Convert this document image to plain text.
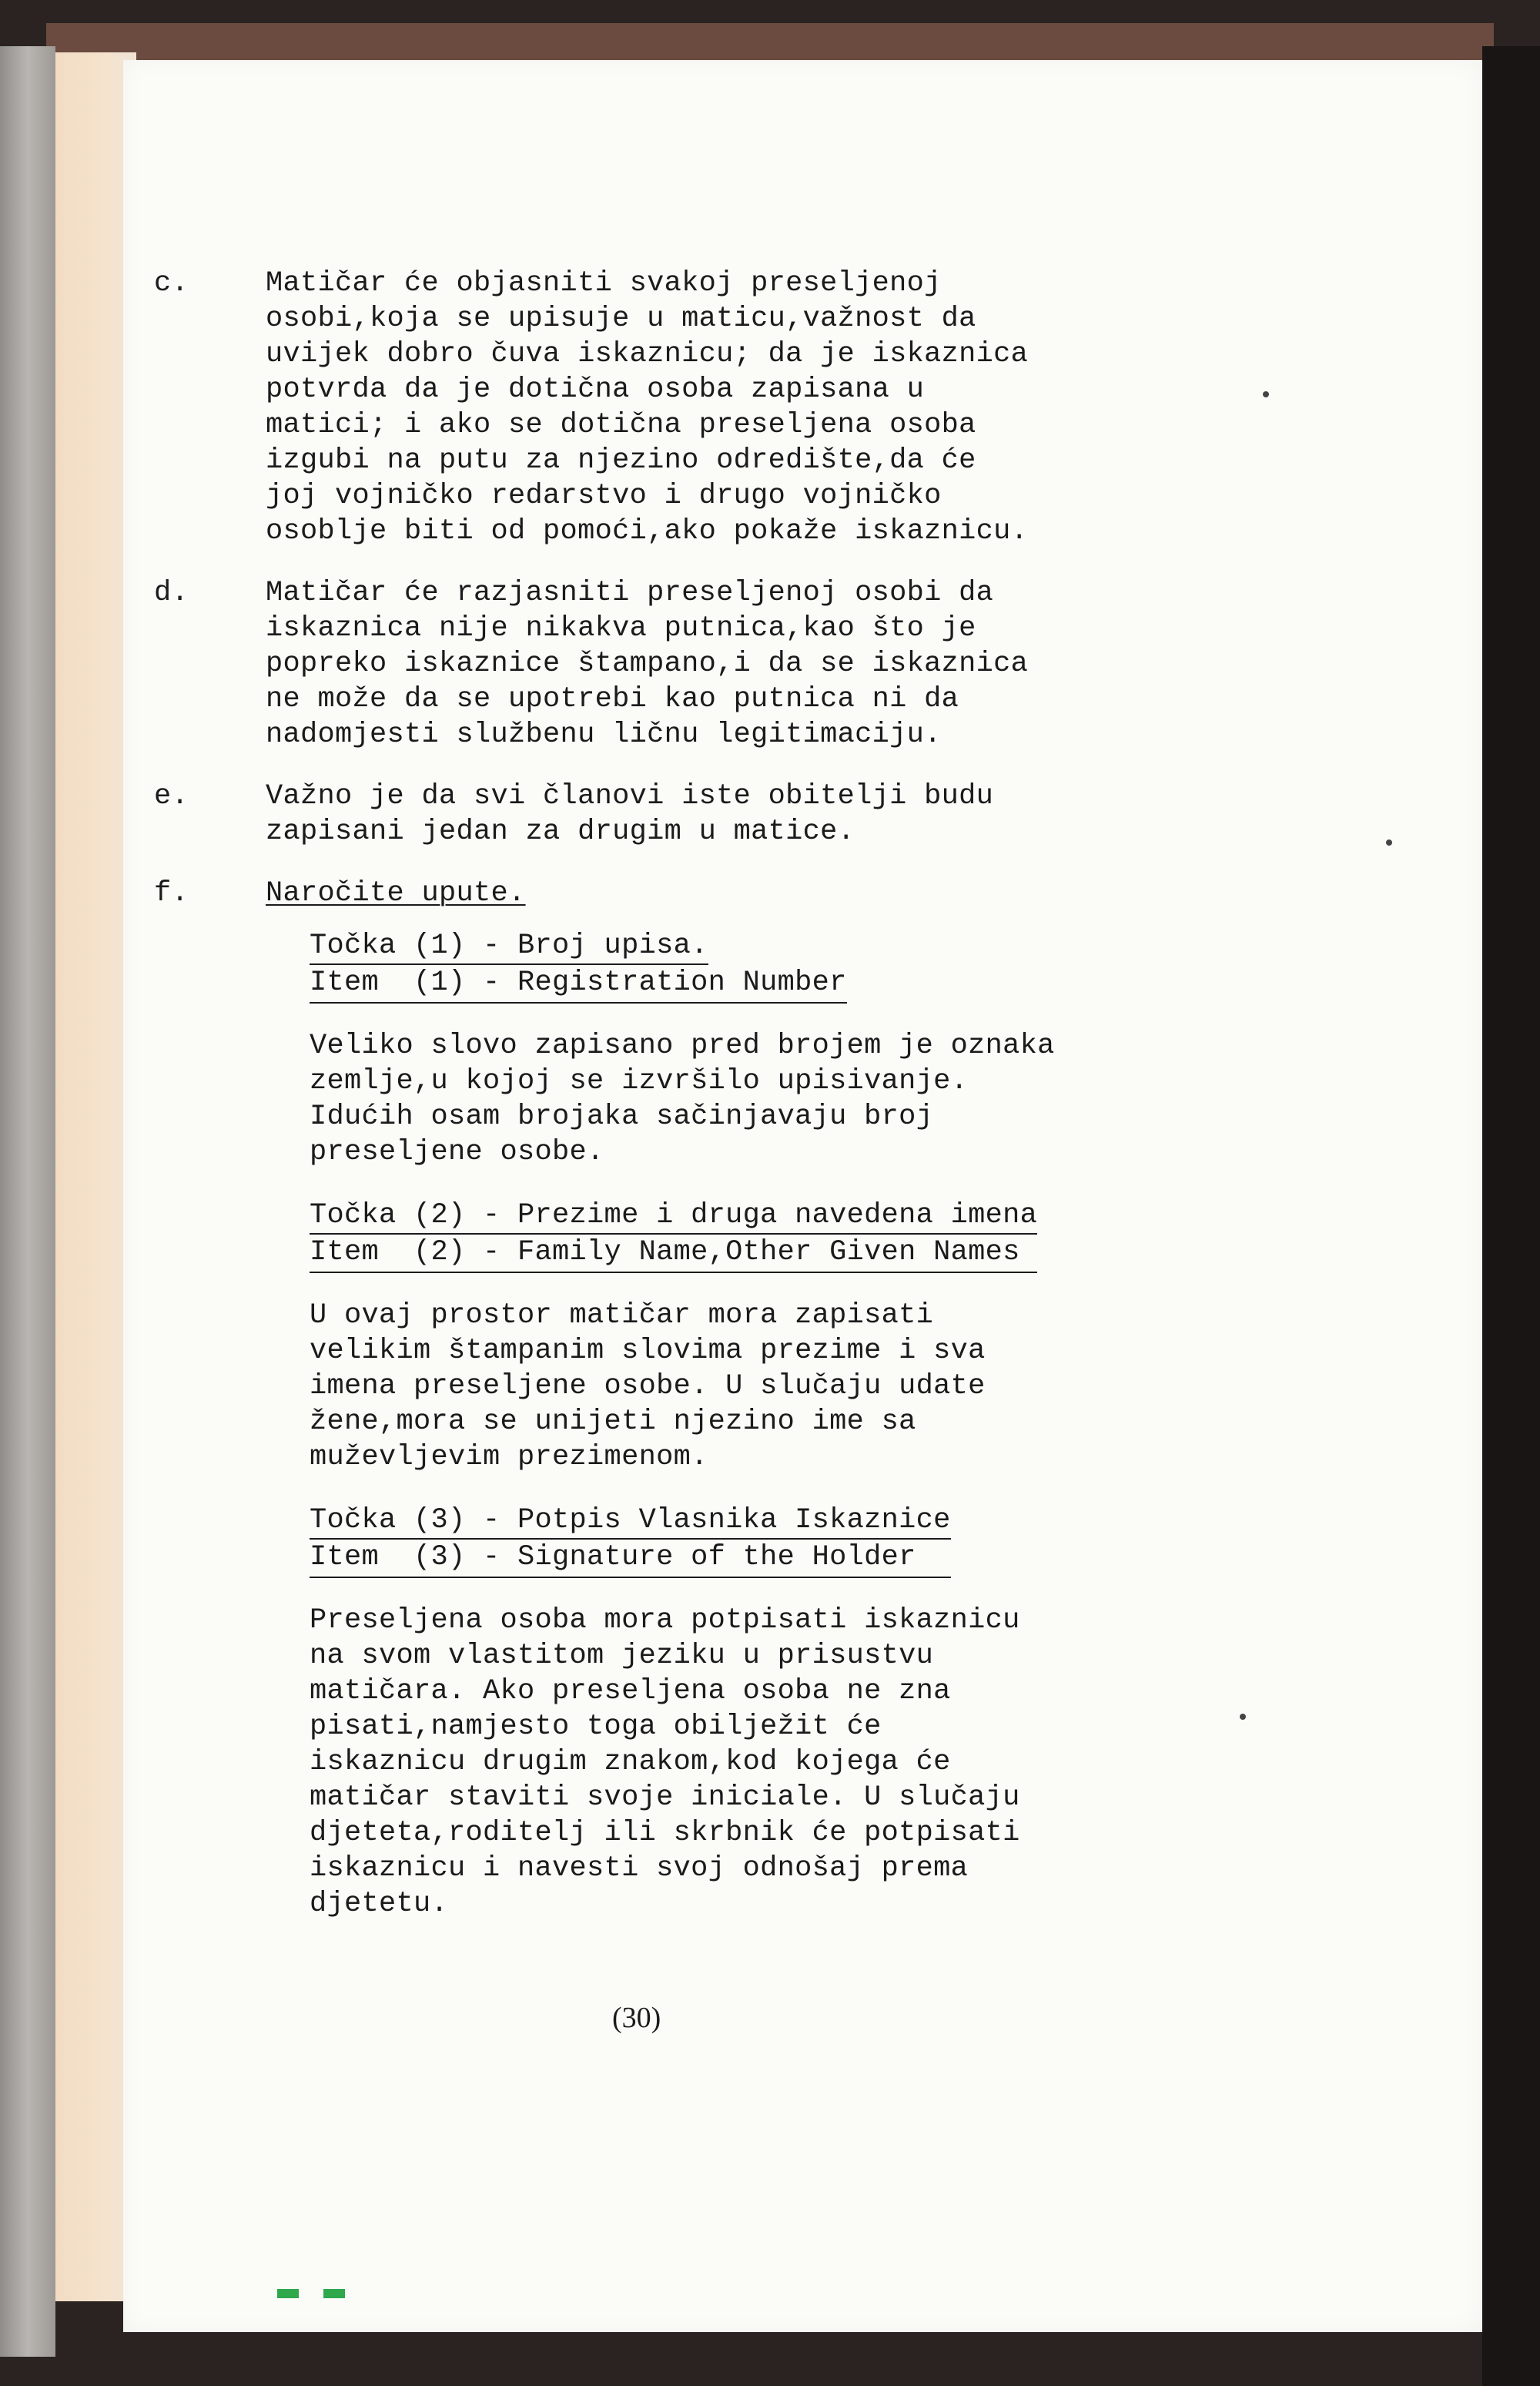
c.	Matičar će objasniti svakoj preseljenoj
osobi,koja se upisuje u maticu,važnost da
uvijek dobro čuva iskaznicu; da je iskaznica
potvrda da je dotična osoba zapisana u
matici; i ako se dotična preseljena osoba
izgubi na putu za njezino odredište,da će
joj vojničko redarstvo i drugo vojničko
osoblje biti od pomoći,ako pokaže iskaznicu.
d.	Matičar će razjasniti preseljenoj osobi da
iskaznica nije nikakva putnica,kao što je
popreko iskaznice štampano,i da se iskaznica
ne može da se upotrebi kao putnica ni da
nadomjesti službenu ličnu legitimaciju.
e.	Važno je da svi članovi iste obitelji budu
zapisani jedan za drugim u matice.
f.	Naročite upute.
Točka (1) - Broj upisa.
Item  (1) - Registration Number
Veliko slovo zapisano pred brojem je oznaka
zemlje,u kojoj se izvršilo upisivanje.
Idućih osam brojaka sačinjavaju broj
preseljene osobe.
Točka (2) - Prezime i druga navedena imena
Item  (2) - Family Name,Other Given Names
U ovaj prostor matičar mora zapisati
velikim štampanim slovima prezime i sva
imena preseljene osobe. U slučaju udate
žene,mora se unijeti njezino ime sa
muževljevim prezimenom.
Točka (3) - Potpis Vlasnika Iskaznice
Item  (3) - Signature of the Holder
Preseljena osoba mora potpisati iskaznicu
na svom vlastitom jeziku u prisustvu
matičara. Ako preseljena osoba ne zna
pisati,namjesto toga obilježit će
iskaznicu drugim znakom,kod kojega će
matičar staviti svoje iniciale. U slučaju
djeteta,roditelj ili skrbnik će potpisati
iskaznicu i navesti svoj odnošaj prema
djetetu.
(30)
